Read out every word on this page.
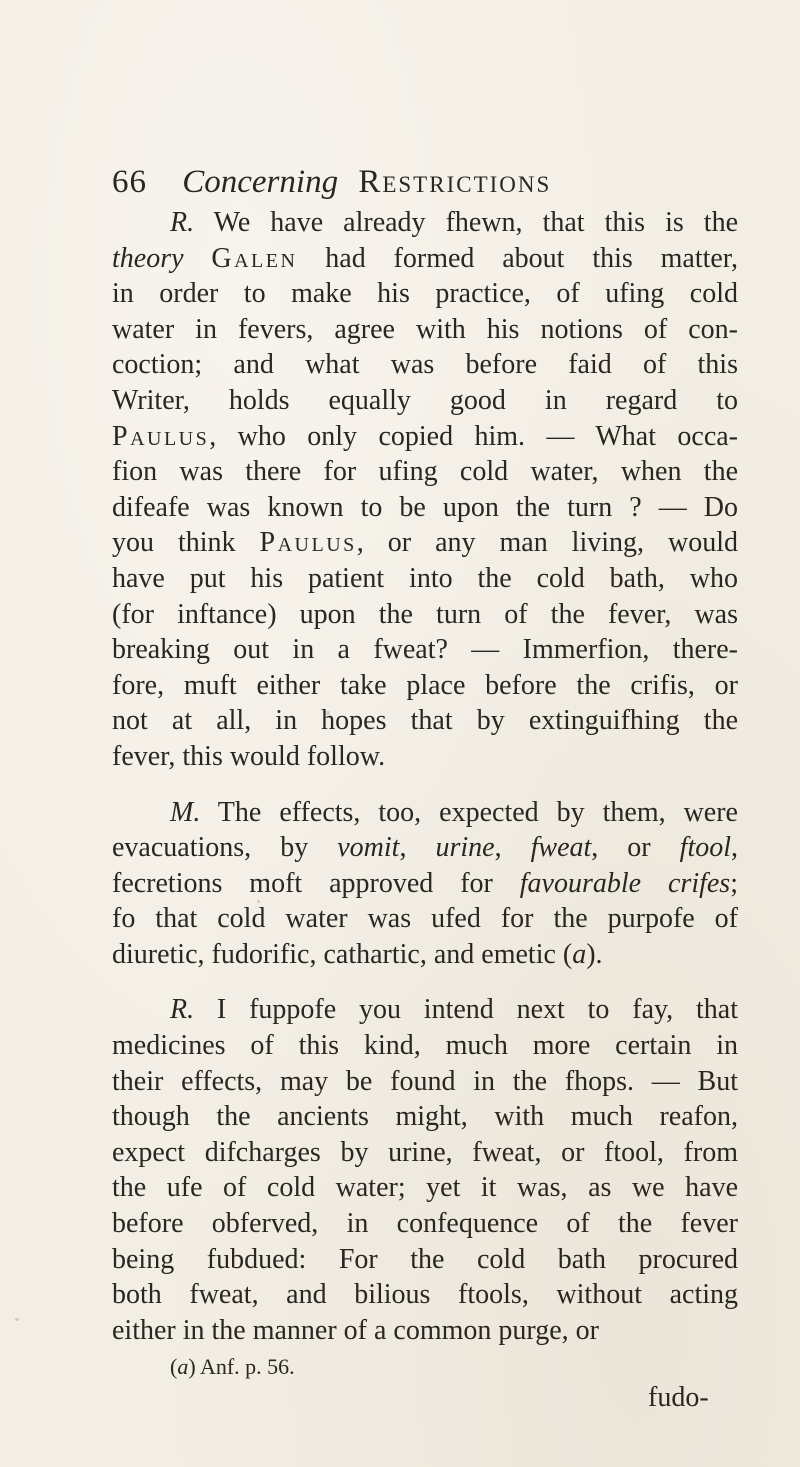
66 Concerning Restrictions
R. We have already fhewn, that this is the
theory Galen had formed about this matter,
in order to make his practice, of ufing cold
water in fevers, agree with his notions of con-
coction; and what was before faid of this
Writer, holds equally good in regard to
Paulus, who only copied him. — What occa-
fion was there for ufing cold water, when the
difeafe was known to be upon the turn ? — Do
you think Paulus, or any man living, would
have put his patient into the cold bath, who
(for inftance) upon the turn of the fever, was
breaking out in a fweat? — Immerfion, there-
fore, muft either take place before the crifis, or
not at all, in hopes that by extinguifhing the
fever, this would follow.
M. The effects, too, expected by them, were
evacuations, by vomit, urine, fweat, or ftool,
fecretions moft approved for favourable crifes;
fo that cold water was ufed for the purpofe of
diuretic, fudorific, cathartic, and emetic (a).
R. I fuppofe you intend next to fay, that
medicines of this kind, much more certain in
their effects, may be found in the fhops. — But
though the ancients might, with much reafon,
expect difcharges by urine, fweat, or ftool, from
the ufe of cold water; yet it was, as we have
before obferved, in confequence of the fever
being fubdued: For the cold bath procured
both fweat, and bilious ftools, without acting
either in the manner of a common purge, or
(a) Anf. p. 56.
fudo-
